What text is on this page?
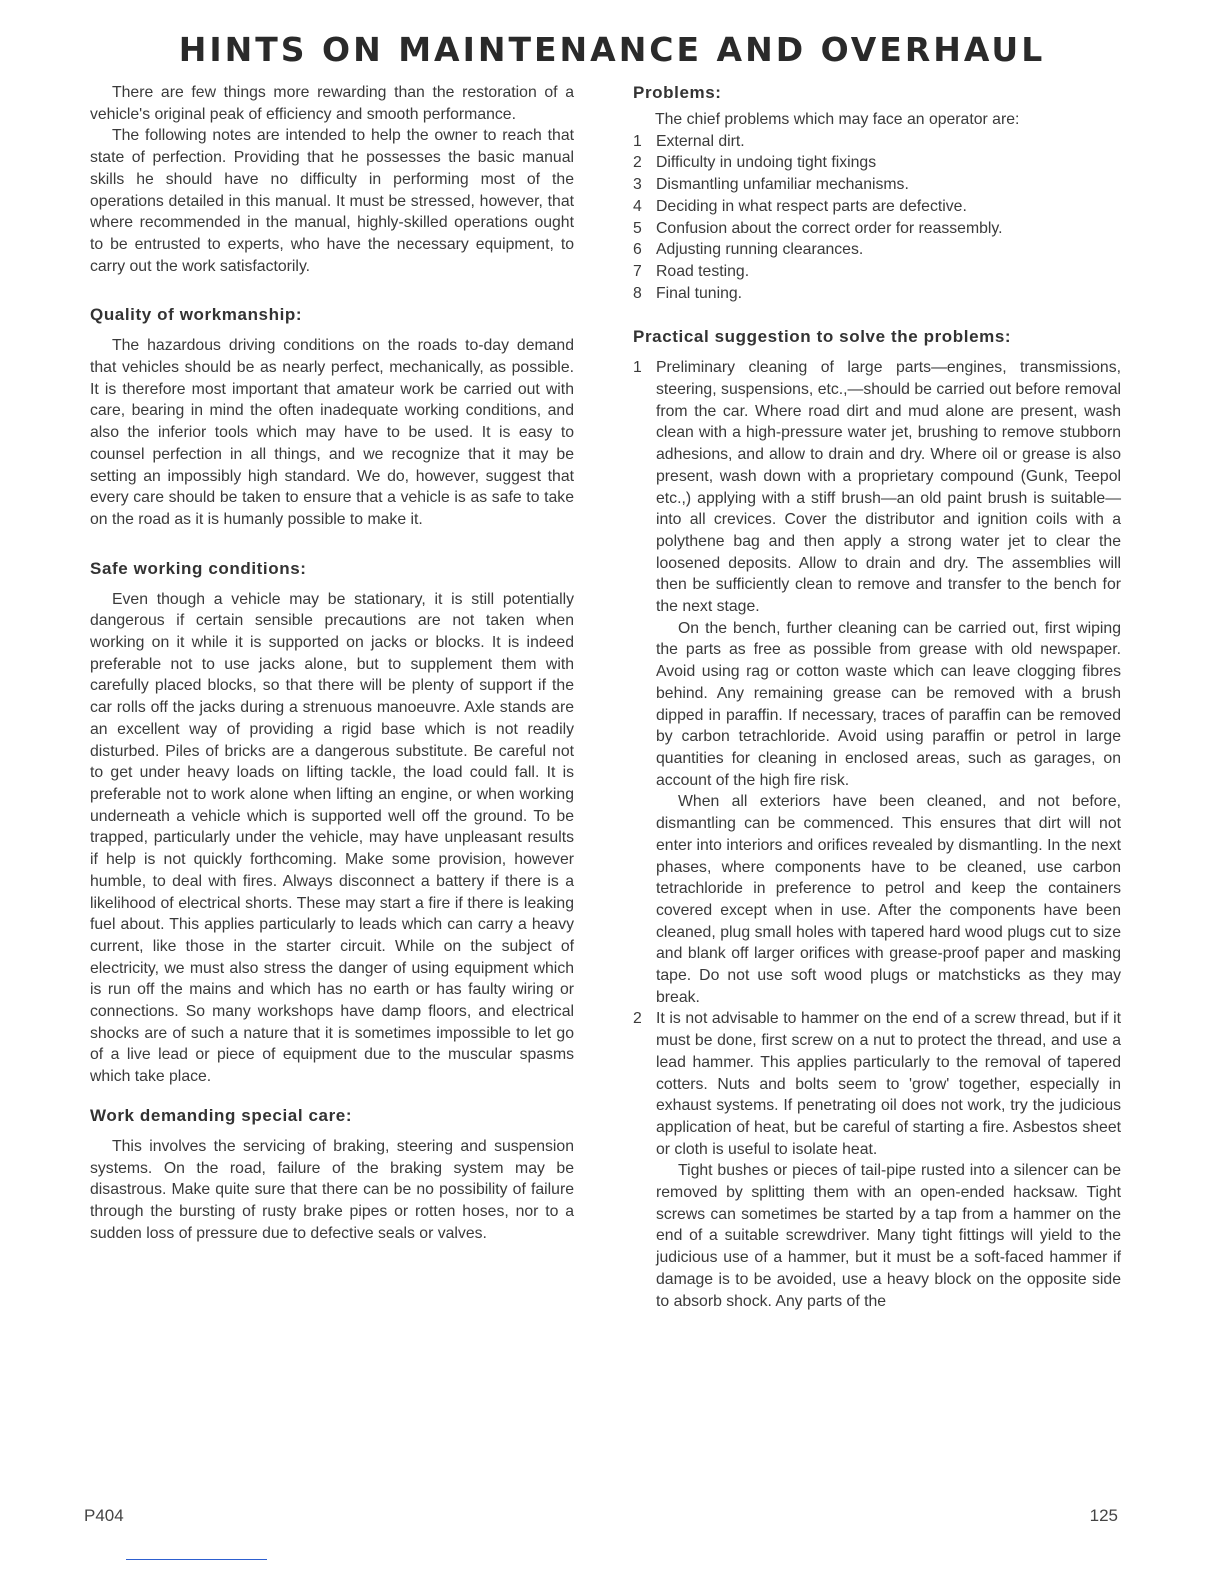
HINTS ON MAINTENANCE AND OVERHAUL

There are few things more rewarding than the restoration of a vehicle's original peak of efficiency and smooth performance.

The following notes are intended to help the owner to reach that state of perfection. Providing that he possesses the basic manual skills he should have no difficulty in performing most of the operations detailed in this manual. It must be stressed, however, that where recommended in the manual, highly-skilled operations ought to be entrusted to experts, who have the necessary equipment, to carry out the work satisfactorily.

Quality of workmanship:

The hazardous driving conditions on the roads to-day demand that vehicles should be as nearly perfect, mechanically, as possible. It is therefore most important that amateur work be carried out with care, bearing in mind the often inadequate working conditions, and also the inferior tools which may have to be used. It is easy to counsel perfection in all things, and we recognize that it may be setting an impossibly high standard. We do, however, suggest that every care should be taken to ensure that a vehicle is as safe to take on the road as it is humanly possible to make it.

Safe working conditions:

Even though a vehicle may be stationary, it is still potentially dangerous if certain sensible precautions are not taken when working on it while it is supported on jacks or blocks. It is indeed preferable not to use jacks alone, but to supplement them with carefully placed blocks, so that there will be plenty of support if the car rolls off the jacks during a strenuous manoeuvre. Axle stands are an excellent way of providing a rigid base which is not readily disturbed. Piles of bricks are a dangerous substitute. Be careful not to get under heavy loads on lifting tackle, the load could fall. It is preferable not to work alone when lifting an engine, or when working underneath a vehicle which is supported well off the ground. To be trapped, particularly under the vehicle, may have unpleasant results if help is not quickly forthcoming. Make some provision, however humble, to deal with fires. Always disconnect a battery if there is a likelihood of electrical shorts. These may start a fire if there is leaking fuel about. This applies particularly to leads which can carry a heavy current, like those in the starter circuit. While on the subject of electricity, we must also stress the danger of using equipment which is run off the mains and which has no earth or has faulty wiring or connections. So many workshops have damp floors, and electrical shocks are of such a nature that it is sometimes impossible to let go of a live lead or piece of equipment due to the muscular spasms which take place.

Work demanding special care:

This involves the servicing of braking, steering and suspension systems. On the road, failure of the braking system may be disastrous. Make quite sure that there can be no possibility of failure through the bursting of rusty brake pipes or rotten hoses, nor to a sudden loss of pressure due to defective seals or valves.

Problems:

The chief problems which may face an operator are:

1 External dirt.
2 Difficulty in undoing tight fixings
3 Dismantling unfamiliar mechanisms.
4 Deciding in what respect parts are defective.
5 Confusion about the correct order for reassembly.
6 Adjusting running clearances.
7 Road testing.
8 Final tuning.
Practical suggestion to solve the problems:
1 Preliminary cleaning of large parts—engines, transmissions, steering, suspensions, etc.,—should be carried out before removal from the car. Where road dirt and mud alone are present, wash clean with a high-pressure water jet, brushing to remove stubborn adhesions, and allow to drain and dry. Where oil or grease is also present, wash down with a proprietary compound (Gunk, Teepol etc.,) applying with a stiff brush—an old paint brush is suitable—into all crevices. Cover the distributor and ignition coils with a polythene bag and then apply a strong water jet to clear the loosened deposits. Allow to drain and dry. The assemblies will then be sufficiently clean to remove and transfer to the bench for the next stage.

On the bench, further cleaning can be carried out, first wiping the parts as free as possible from grease with old newspaper. Avoid using rag or cotton waste which can leave clogging fibres behind. Any remaining grease can be removed with a brush dipped in paraffin. If necessary, traces of paraffin can be removed by carbon tetrachloride. Avoid using paraffin or petrol in large quantities for cleaning in enclosed areas, such as garages, on account of the high fire risk.

When all exteriors have been cleaned, and not before, dismantling can be commenced. This ensures that dirt will not enter into interiors and orifices revealed by dismantling. In the next phases, where components have to be cleaned, use carbon tetrachloride in preference to petrol and keep the containers covered except when in use. After the components have been cleaned, plug small holes with tapered hard wood plugs cut to size and blank off larger orifices with grease-proof paper and masking tape. Do not use soft wood plugs or matchsticks as they may break.

2 It is not advisable to hammer on the end of a screw thread, but if it must be done, first screw on a nut to protect the thread, and use a lead hammer. This applies particularly to the removal of tapered cotters. Nuts and bolts seem to 'grow' together, especially in exhaust systems. If penetrating oil does not work, try the judicious application of heat, but be careful of starting a fire. Asbestos sheet or cloth is useful to isolate heat.

Tight bushes or pieces of tail-pipe rusted into a silencer can be removed by splitting them with an open-ended hacksaw. Tight screws can sometimes be started by a tap from a hammer on the end of a suitable screwdriver. Many tight fittings will yield to the judicious use of a hammer, but it must be a soft-faced hammer if damage is to be avoided, use a heavy block on the opposite side to absorb shock. Any parts of the

P404	125
